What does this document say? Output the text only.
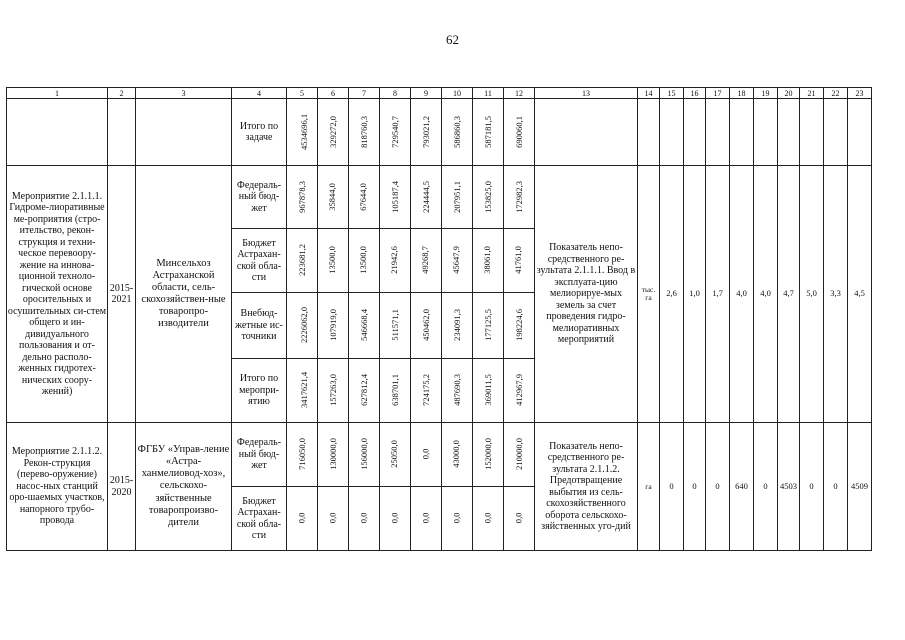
62
1	2	3	4	5	6	7	8	9	10	11	12	13	14	15	16	17	18	19	20	21	22	23
			Итого по задаче	4534696,1	329272,0	818760,3	729540,7	793021,2	586860,3	587181,5	690060,1											
Мероприятие 2.1.1.1. Гидроме-лиоративные ме-роприятия (стро-ительство, рекон-струкция и техни-ческое перевоору-жение на иннова-ционной техноло-гической основе оросительных и осушительных си-стем общего и ин-дивидуального пользования и от-дельно располо-женных гидротех-нических соору-жений)	2015-2021	Минсельхоз Астраханской области, сель-скохозяйствен-ные товаропро-изводители	Федераль-ный бюд-жет	967878,3	35844,0	67644,0	105187,4	224444,5	207951,1	153825,0	172982,3	Показатель непо-средственного ре-зультата 2.1.1.1. Ввод в эксплуата-цию мелиорируе-мых земель за счет проведения гидро-мелиоративных мероприятий	тыс. га	2,6	1,0	1,7	4,0	4,0	4,7	5,0	3,3	4,5
			Бюджет Астрахан-ской обла-сти	223681,2	13500,0	13500,0	21942,6	49268,7	45647,9	38061,0	41761,0											
			Внебюд-жетные ис-точники	2226062,0	107919,0	546668,4	511571,1	450462,0	234091,3	177125,5	198224,6											
			Итого по меропри-ятию	3417621,4	157263,0	627812,4	638701,1	724175,2	487690,3	369011,5	412967,9											
Мероприятие 2.1.1.2. Рекон-струкция (перево-оружение) насос-ных станций оро-шаемых участков, напорного трубо-провода	2015-2020	ФГБУ «Управ-ление «Астра-ханмелиовод-хоз», сельскохо-зяйственные товаропроизво-дители	Федераль-ный бюд-жет	716050,0	130000,0	156000,0	25050,0	0,0	43000,0	152000,0	210000,0	Показатель непо-средственного ре-зультата 2.1.1.2. Предотвращение выбытия из сель-скохозяйственного оборота сельскохо-зяйственных уго-дий	га	0	0	0	640	0	4503	0	0	4509
			Бюджет Астрахан-ской обла-сти	0,0	0,0	0,0	0,0	0,0	0,0	0,0	0,0											
